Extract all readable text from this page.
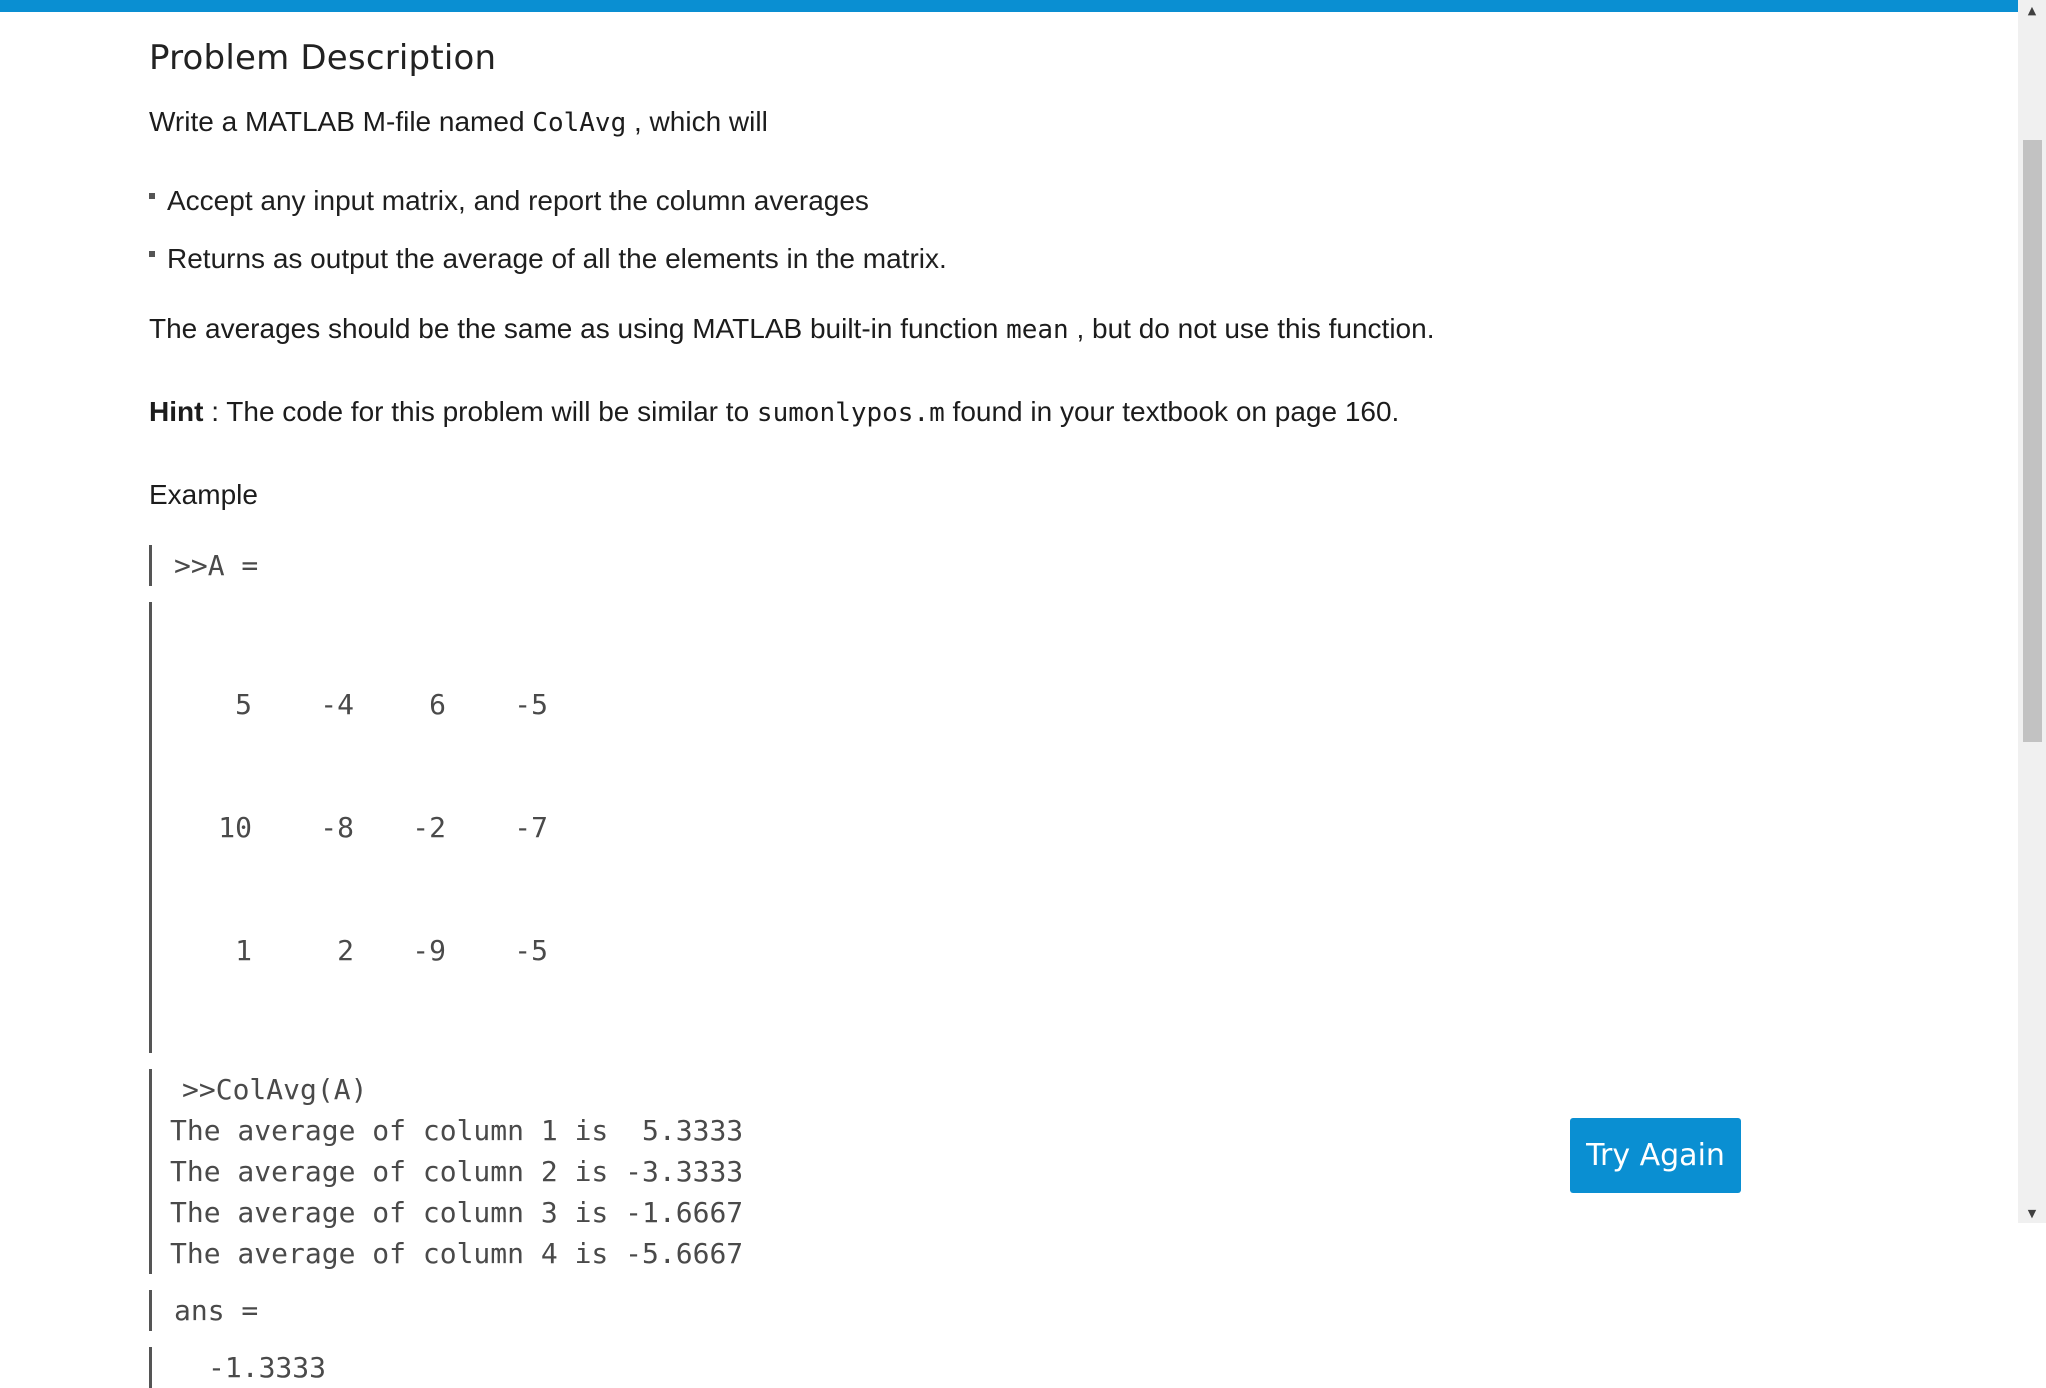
Problem Description

Write a MATLAB M-file named ColAvg , which will

Accept any input matrix, and report the column averages
Returns as output the average of all the elements in the matrix.

The averages should be the same as using MATLAB built-in function mean , but do not use this function.

Hint : The code for this problem will be similar to sumonlypos.m found in your textbook on page 160.

Example

>>A =

5	-4	6	-5

10	-8	-2	-7

1	2	-9	-5

>>ColAvg(A)
The average of column 1 is  5.3333
The average of column 2 is -3.3333
The average of column 3 is -1.6667
The average of column 4 is -5.6667
ans =
-1.3333
Try Again
▲
▼
